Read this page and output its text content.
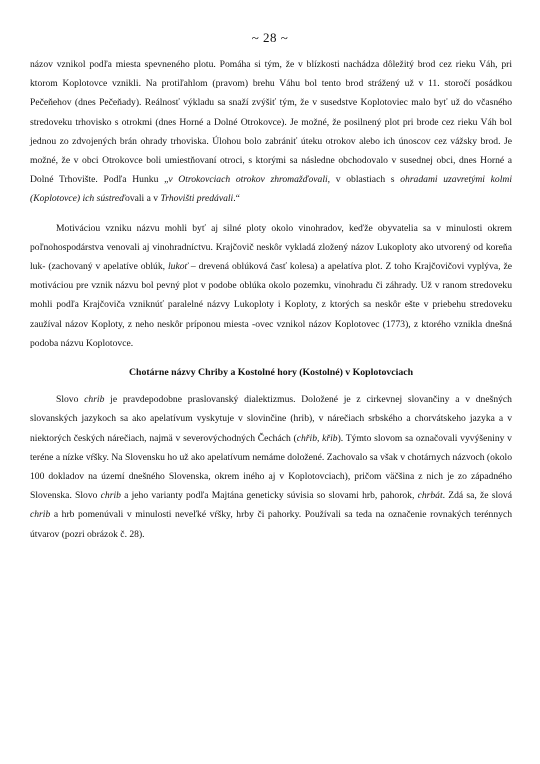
~ 28 ~

názov vznikol podľa miesta spevneného plotu. Pomáha si tým, že v blízkosti nachádza dôležitý brod cez rieku Váh, pri ktorom Koplotovce vznikli. Na protiľahlom (pravom) brehu Váhu bol tento brod strážený už v 11. storočí posádkou Pečeňehov (dnes Pečeňady). Reálnosť výkladu sa snaží zvýšiť tým, že v susedstve Koplotoviec malo byť už do včasného stredoveku trhovisko s otrokmi (dnes Horné a Dolné Otrokovce). Je možné, že posilnený plot pri brode cez rieku Váh bol jednou zo zdvojených brán ohrady trhoviska. Úlohou bolo zabrániť úteku otrokov alebo ich únoscov cez vážsky brod. Je možné, že v obci Otrokovce boli umiestňovaní otroci, s ktorými sa následne obchodovalo v susednej obci, dnes Horné a Dolné Trhovište. Podľa Hunku „v Otrokovciach otrokov zhromažďovali, v oblastiach s ohradami uzavretými kolmi (Koplotovce) ich sústreďovali a v Trhovišti predávali.“

Motiváciou vzniku názvu mohli byť aj silné ploty okolo vinohradov, keďže obyvatelia sa v minulosti okrem poľnohospodárstva venovali aj vinohradníctvu. Krajčovič neskôr vykladá zložený názov Lukoploty ako utvorený od koreňa luk- (zachovaný v apelatíve oblúk, lukoť – drevená oblúková časť kolesa) a apelatíva plot. Z toho Krajčovičovi vyplýva, že motiváciou pre vznik názvu bol pevný plot v podobe oblúka okolo pozemku, vinohradu či záhrady. Už v ranom stredoveku mohli podľa Krajčoviča vzniknúť paralelné názvy Lukoploty i Koploty, z ktorých sa neskôr ešte v priebehu stredoveku zaužíval názov Koploty, z neho neskôr príponou miesta -ovec vznikol názov Koplotovec (1773), z ktorého vznikla dnešná podoba názvu Koplotovce.

Chotárne názvy Chriby a Kostolné hory (Kostolné) v Koplotovciach

Slovo chrib je pravdepodobne praslovanský dialektizmus. Doložené je z cirkevnej slovančiny a v dnešných slovanských jazykoch sa ako apelatívum vyskytuje v slovinčine (hrib), v nárečiach srbského a chorvátskeho jazyka a v niektorých českých nárečiach, najmä v severovýchodných Čechách (chřib, křib). Týmto slovom sa označovali vyvýšeniny v teréne a nízke vŕšky. Na Slovensku ho už ako apelatívum nemáme doložené. Zachovalo sa však v chotárnych názvoch (okolo 100 dokladov na území dnešného Slovenska, okrem iného aj v Koplotovciach), pričom väčšina z nich je zo západného Slovenska. Slovo chrib a jeho varianty podľa Majtána geneticky súvisia so slovami hrb, pahorok, chrbát. Zdá sa, že slová chrib a hrb pomenúvali v minulosti neveľké vŕšky, hrby či pahorky. Používali sa teda na označenie rovnakých terénnych útvarov (pozri obrázok č. 28).
